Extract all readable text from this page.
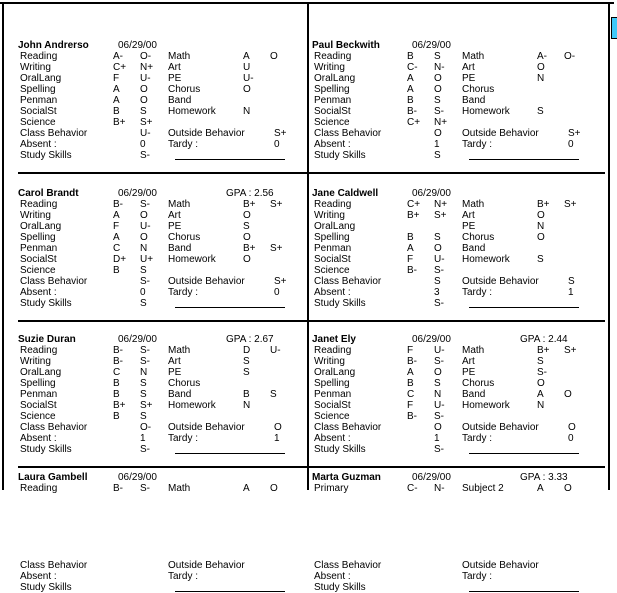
John Andrerso	06/29/00
Reading	A- O- Math	A O
Writing	C+ N+ Art	U
OralLang	F U- PE	U-
Spelling	A O Chorus	O
Penman	A O Band
SocialSt	B S Homework	N
Science	B+ S+
Class Behavior	U- Outside Behavior	S+
Absent :	0 Tardy :	0
Study Skills	S-
Paul Beckwith	06/29/00
Reading	B S Math	A- O-
Writing	C- N- Art	O
OralLang	A O PE	N
Spelling	A O Chorus
Penman	B S Band
SocialSt	B- S- Homework	S
Science	C+ N+
Class Behavior	O Outside Behavior	S+
Absent :	1 Tardy :	0
Study Skills	S
Carol Brandt	06/29/00	GPA : 2.56
Reading	B- S- Math	B+ S+
Writing	A O Art	O
OralLang	F U- PE	S
Spelling	A O Chorus	O
Penman	C N Band	B+ S+
SocialSt	D+ U+ Homework	O
Science	B S
Class Behavior	S- Outside Behavior	S+
Absent :	0 Tardy :	0
Study Skills	S
Jane Caldwell	06/29/00
Reading	C+ N+ Math	B+ S+
Writing	B+ S+ Art	O
OralLang	PE	N
Spelling	B S Chorus	O
Penman	A O Band
SocialSt	F U- Homework	S
Science	B- S-
Class Behavior	S Outside Behavior	S
Absent :	3 Tardy :	1
Study Skills	S-
Suzie Duran	06/29/00	GPA : 2.67
Reading	B- S- Math	D U-
Writing	B- S- Art	S
OralLang	C N PE	S
Spelling	B S Chorus
Penman	B S Band	B S
SocialSt	B+ S+ Homework	N
Science	B S
Class Behavior	O- Outside Behavior	O
Absent :	1 Tardy :	1
Study Skills	S-
Janet Ely	06/29/00	GPA : 2.44
Reading	F U- Math	B+ S+
Writing	B- S- Art	S
OralLang	A O PE	S-
Spelling	B S Chorus	O
Penman	C N Band	A O
SocialSt	F U- Homework	N
Science	B- S-
Class Behavior	O Outside Behavior	O
Absent :	1 Tardy :	0
Study Skills	S-
Laura Gambell	06/29/00
Reading	B- S- Math	A O
Class Behavior	Outside Behavior
Absent :	Tardy :
Study Skills
Marta Guzman	06/29/00	GPA : 3.33
Primary	C- N- Subject 2	A O
Class Behavior	Outside Behavior
Absent :	Tardy :
Study Skills
